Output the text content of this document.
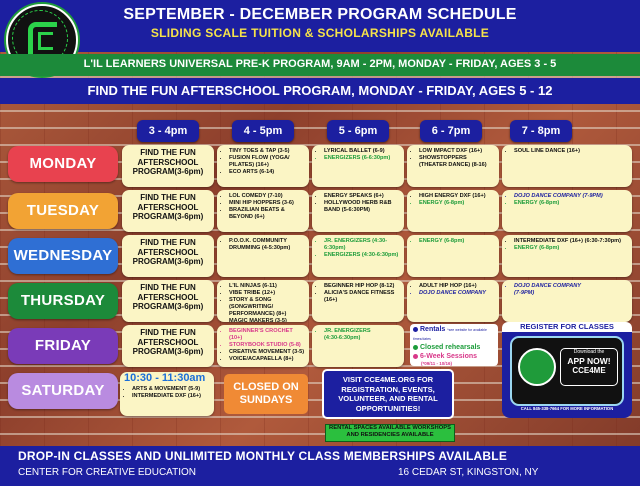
SEPTEMBER - DECEMBER PROGRAM SCHEDULE
SLIDING SCALE TUITION & SCHOLARSHIPS AVAILABLE
L'IL LEARNERS UNIVERSAL PRE-K PROGRAM, 9AM - 2PM, MONDAY - FRIDAY, AGES 3 - 5
FIND THE FUN AFTERSCHOOL PROGRAM, MONDAY - FRIDAY, AGES 5 - 12
3 - 4pm	4 - 5pm	5 - 6pm	6 - 7pm	7 - 8pm
MONDAY
TUESDAY
WEDNESDAY
THURSDAY
FRIDAY
SATURDAY
FIND THE FUN AFTERSCHOOL PROGRAM(3-6pm)
FIND THE FUN AFTERSCHOOL PROGRAM(3-6pm)
FIND THE FUN AFTERSCHOOL PROGRAM(3-6pm)
FIND THE FUN AFTERSCHOOL PROGRAM(3-6pm)
FIND THE FUN AFTERSCHOOL PROGRAM(3-6pm)
• TINY TOES & TAP (3-5)
• FUSION FLOW (YOGA/ PILATES) (16+)
• ECO ARTS (6-14)
• LYRICAL BALLET (6-9)
• ENERGIZERS (6-6:30pm)
• LOW IMPACT DXF (16+)
• SHOWSTOPPERS (THEATER DANCE) (8-16)
• SOUL LINE DANCE (16+)
• LOL COMEDY (7-10)
• MINI HIP HOPPERS (3-6)
• BRAZILIAN BEATS & BEYOND (6+)
• ENERGY SPEAKS (6+)
• HOLLYWOOD HERB R&B BAND (5-6:30PM)
• HIGH ENERGY DXF (16+)
• ENERGY (6-8pm)
• DOJO DANCE COMPANY (7-9PM)
• ENERGY (6-8pm)
• P.O.O.K. COMMUNITY DRUMMING (4-5:30pm)
• JR. ENERGIZERS (4:30-6:30pm)
• ENERGIZERS (4:30-6:30pm)
• ENERGY (6-8pm)
•	INTERMEDIATE DXF (16+) (6:30-7:30pm)
• ENERGY (6-8pm)
• L'IL NINJAS (6-11)
• VIBE TRIBE (12+)
• STORY & SONG (SONGWRITING/ PERFORMANCE) (8+)
• MAGIC MAKERS (3-5)
• BEGINNER HIP HOP (8-12)
• ALICIA'S DANCE FITNESS (16+)
• ADULT HIP HOP (16+)
• DOJO DANCE COMPANY
• DOJO DANCE COMPANY
(7-9PM)
• BEGINNER'S CROCHET (10+)
• STORYBOOK STUDIO (5-8)
• CREATIVE MOVEMENT (3-5)
• VOICE/ACAPAELLA (8+)
• JR. ENERGIZERS
(4:30-6:30pm)
Rentals *see website for available times/dates
Closed rehearsals
6-Week Sessions
(*09/11 - 10/16)
REGISTER FOR CLASSES
Download the
APP NOW!
CCE4ME
CALL 845-338-7664 FOR MORE INFORMATION
10:30 - 11:30am
• ARTS & MOVEMENT (5-9)
• INTERMEDIATE DXF (16+)
CLOSED ON SUNDAYS
VISIT CCE4ME.ORG FOR REGISTRATION, EVENTS, VOLUNTEER, AND RENTAL OPPORTUNITIES!
RENTAL SPACES AVAILABLE WORKSHOPS AND RESIDENCIES AVAILABLE
DROP-IN CLASSES AND UNLIMITED MONTHLY CLASS MEMBERSHIPS AVAILABLE
CENTER FOR CREATIVE EDUCATION	16 CEDAR ST, KINGSTON, NY
